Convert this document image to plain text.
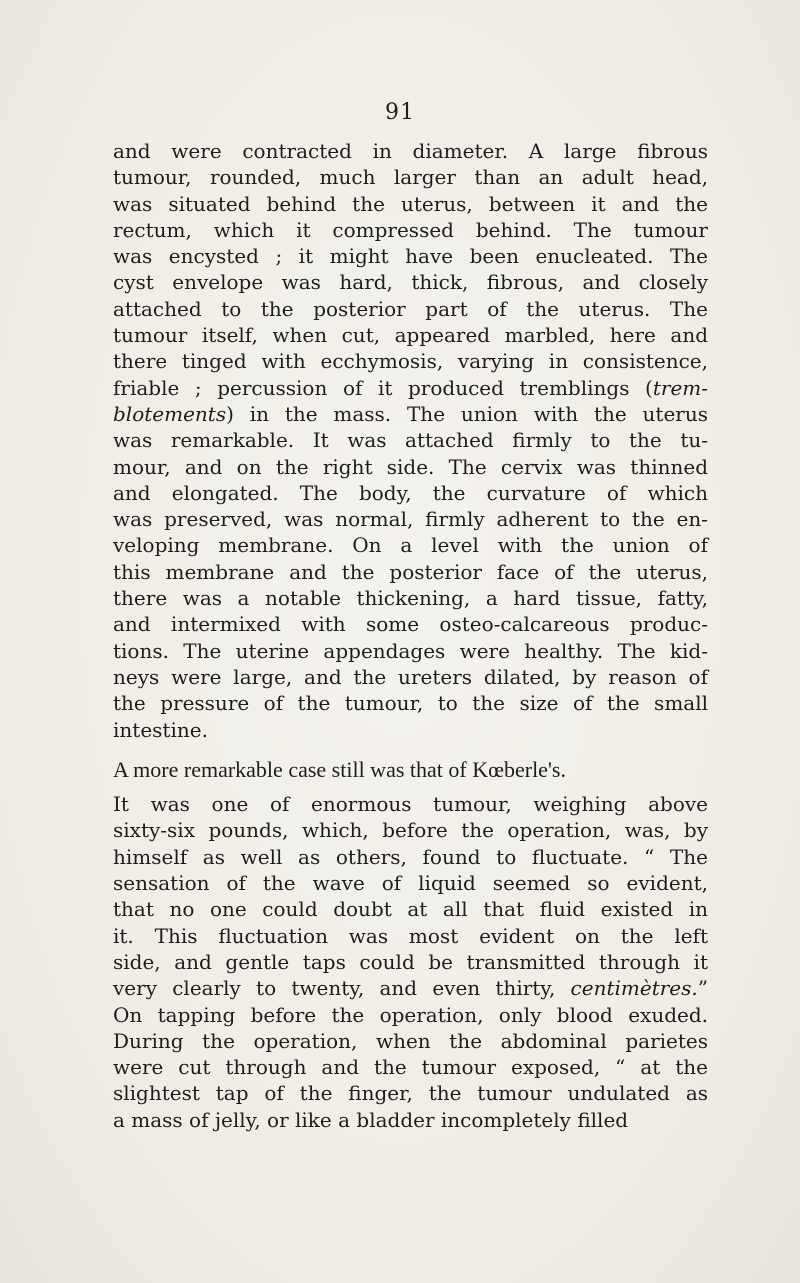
91

and were contracted in diameter. A large fibrous
tumour, rounded, much larger than an adult head,
was situated behind the uterus, between it and the
rectum, which it compressed behind. The tumour
was encysted ; it might have been enucleated. The
cyst envelope was hard, thick, fibrous, and closely
attached to the posterior part of the uterus. The
tumour itself, when cut, appeared marbled, here and
there tinged with ecchymosis, varying in consistence,
friable ; percussion of it produced tremblings (trem-
blotements) in the mass. The union with the uterus
was remarkable. It was attached firmly to the tu-
mour, and on the right side. The cervix was thinned
and elongated. The body, the curvature of which
was preserved, was normal, firmly adherent to the en-
veloping membrane. On a level with the union of
this membrane and the posterior face of the uterus,
there was a notable thickening, a hard tissue, fatty,
and intermixed with some osteo-calcareous produc-
tions. The uterine appendages were healthy. The kid-
neys were large, and the ureters dilated, by reason of
the pressure of the tumour, to the size of the small
intestine.

A more remarkable case still was that of Kœberle's.
It was one of enormous tumour, weighing above
sixty-six pounds, which, before the operation, was, by
himself as well as others, found to fluctuate. “ The
sensation of the wave of liquid seemed so evident,
that no one could doubt at all that fluid existed in
it. This fluctuation was most evident on the left
side, and gentle taps could be transmitted through it
very clearly to twenty, and even thirty, centimètres.”
On tapping before the operation, only blood exuded.
During the operation, when the abdominal parietes
were cut through and the tumour exposed, “ at the
slightest tap of the finger, the tumour undulated as
a mass of jelly, or like a bladder incompletely filled
